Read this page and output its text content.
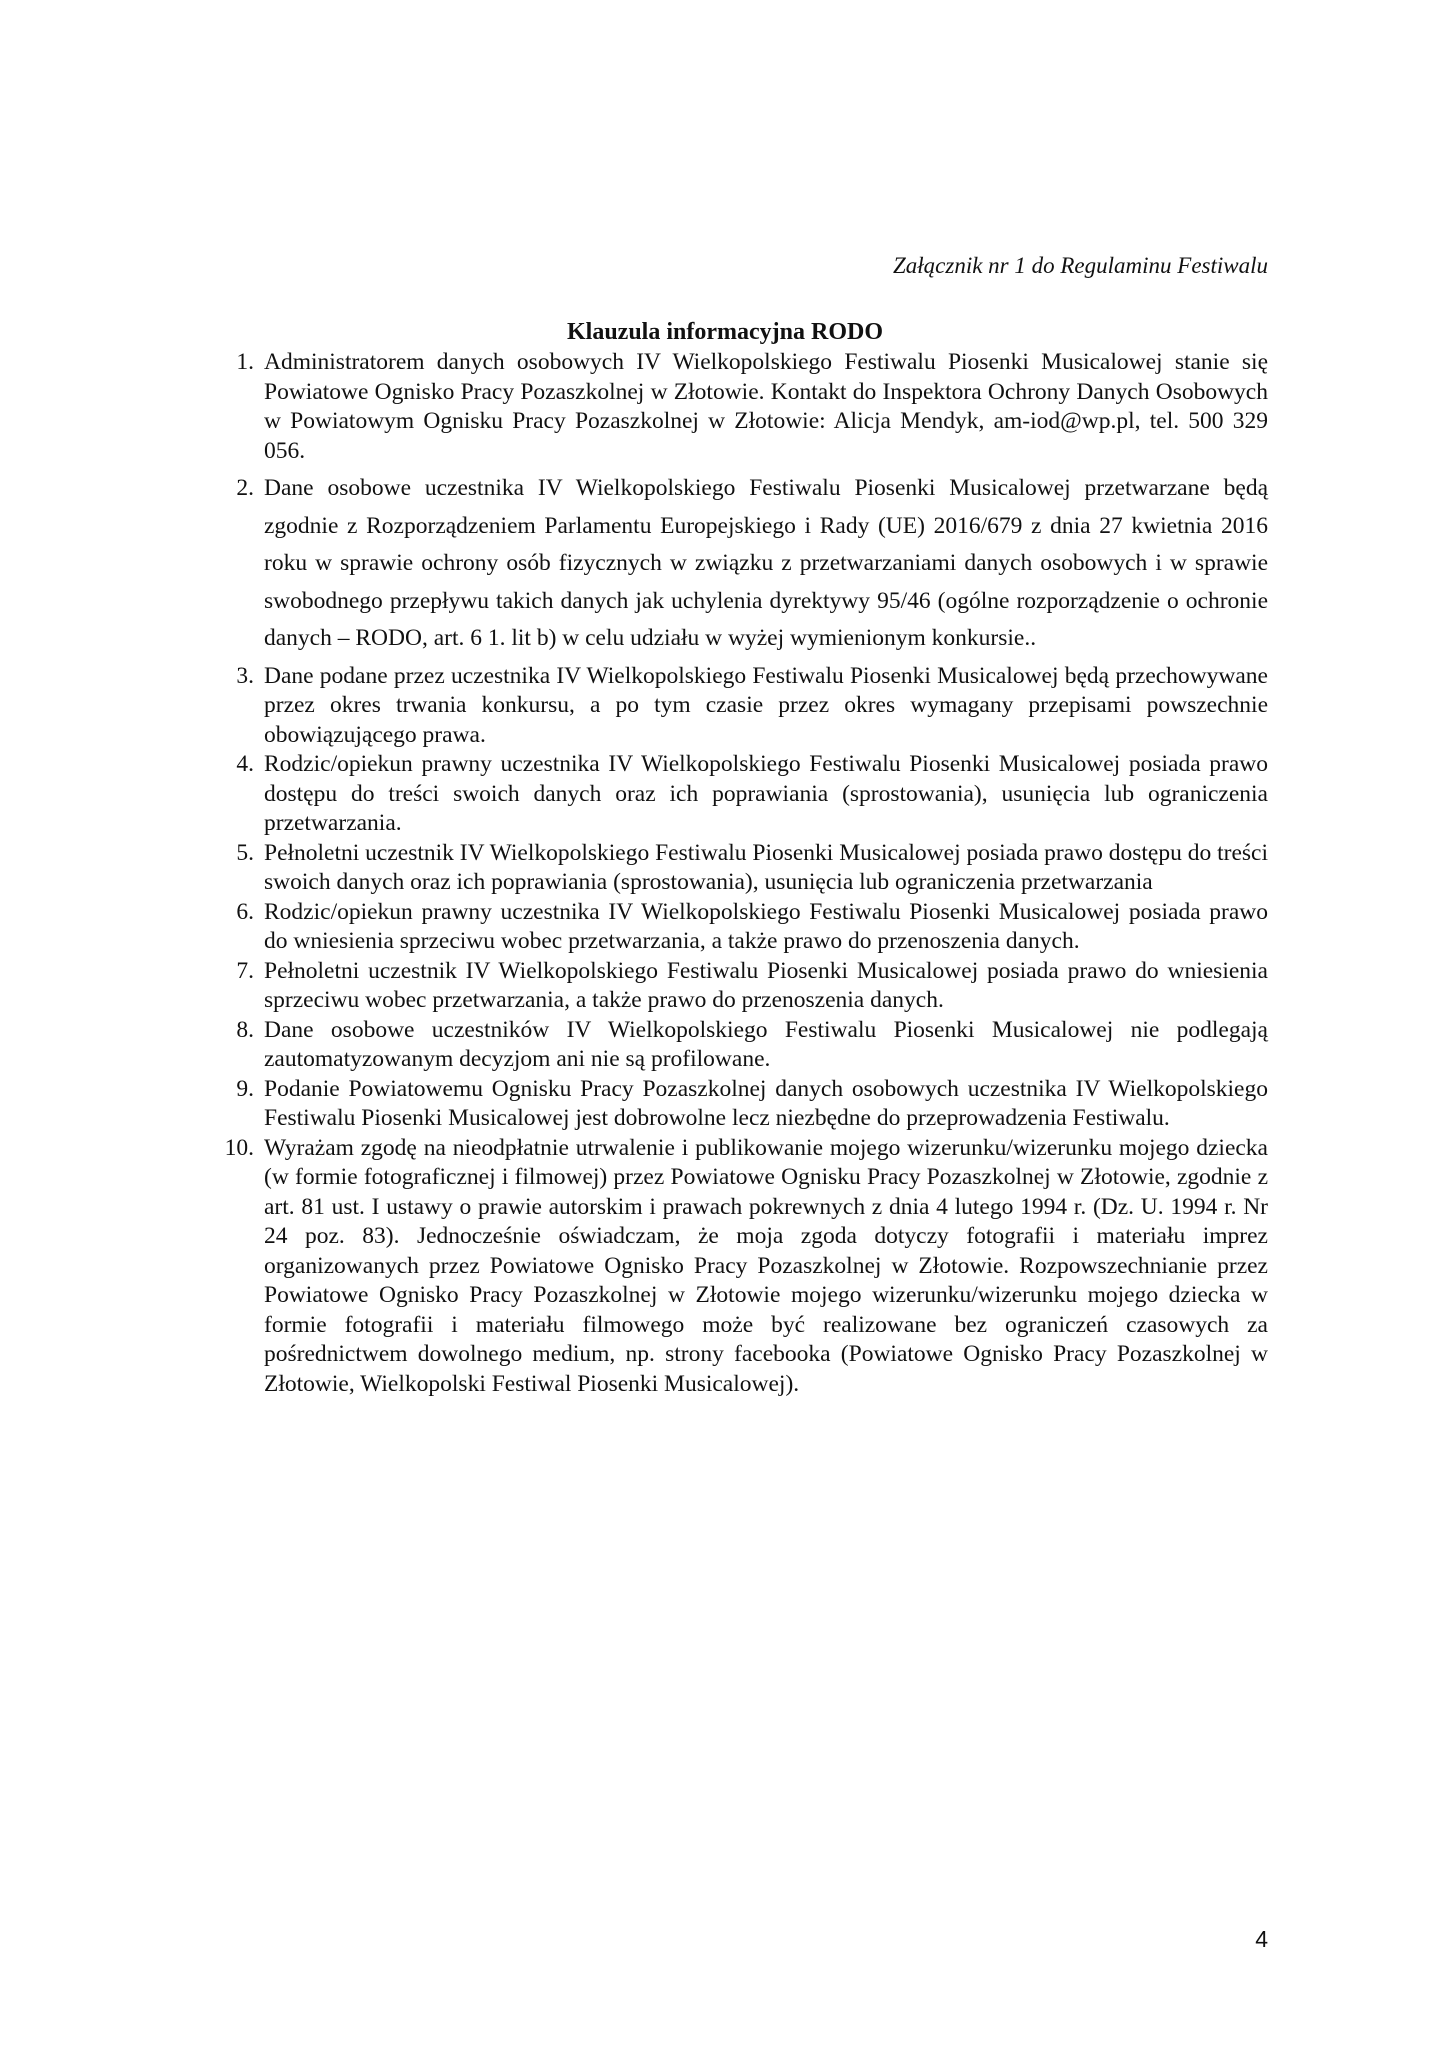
Załącznik nr 1 do Regulaminu Festiwalu

Klauzula informacyjna RODO

1. Administratorem danych osobowych IV Wielkopolskiego Festiwalu Piosenki Musicalowej stanie się Powiatowe Ognisko Pracy Pozaszkolnej w Złotowie. Kontakt do Inspektora Ochrony Danych Osobowych w Powiatowym Ognisku Pracy Pozaszkolnej w Złotowie: Alicja Mendyk, am-iod@wp.pl, tel. 500 329 056.
2. Dane osobowe uczestnika IV Wielkopolskiego Festiwalu Piosenki Musicalowej przetwarzane będą zgodnie z Rozporządzeniem Parlamentu Europejskiego i Rady (UE) 2016/679 z dnia 27 kwietnia 2016 roku w sprawie ochrony osób fizycznych w związku z przetwarzaniami danych osobowych i w sprawie swobodnego przepływu takich danych jak uchylenia dyrektywy 95/46 (ogólne rozporządzenie o ochronie danych – RODO, art. 6 1. lit b) w celu udziału w wyżej wymienionym konkursie..
3. Dane podane przez uczestnika IV Wielkopolskiego Festiwalu Piosenki Musicalowej będą przechowywane przez okres trwania konkursu, a po tym czasie przez okres wymagany przepisami powszechnie obowiązującego prawa.
4. Rodzic/opiekun prawny uczestnika IV Wielkopolskiego Festiwalu Piosenki Musicalowej posiada prawo dostępu do treści swoich danych oraz ich poprawiania (sprostowania), usunięcia lub ograniczenia przetwarzania.
5. Pełnoletni uczestnik IV Wielkopolskiego Festiwalu Piosenki Musicalowej posiada prawo dostępu do treści swoich danych oraz ich poprawiania (sprostowania), usunięcia lub ograniczenia przetwarzania
6. Rodzic/opiekun prawny uczestnika IV Wielkopolskiego Festiwalu Piosenki Musicalowej posiada prawo do wniesienia sprzeciwu wobec przetwarzania, a także prawo do przenoszenia danych.
7. Pełnoletni uczestnik IV Wielkopolskiego Festiwalu Piosenki Musicalowej posiada prawo do wniesienia sprzeciwu wobec przetwarzania, a także prawo do przenoszenia danych.
8. Dane osobowe uczestników IV Wielkopolskiego Festiwalu Piosenki Musicalowej nie podlegają zautomatyzowanym decyzjom ani nie są profilowane.
9. Podanie Powiatowemu Ognisku Pracy Pozaszkolnej danych osobowych uczestnika IV Wielkopolskiego Festiwalu Piosenki Musicalowej jest dobrowolne lecz niezbędne do przeprowadzenia Festiwalu.
10. Wyrażam zgodę na nieodpłatnie utrwalenie i publikowanie mojego wizerunku/wizerunku mojego dziecka (w formie fotograficznej i filmowej) przez Powiatowe Ognisku Pracy Pozaszkolnej w Złotowie, zgodnie z art. 81 ust. I ustawy o prawie autorskim i prawach pokrewnych z dnia 4 lutego 1994 r. (Dz. U. 1994 r. Nr 24 poz. 83). Jednocześnie oświadczam, że moja zgoda dotyczy fotografii i materiału imprez organizowanych przez Powiatowe Ognisko Pracy Pozaszkolnej w Złotowie. Rozpowszechnianie przez Powiatowe Ognisko Pracy Pozaszkolnej w Złotowie mojego wizerunku/wizerunku mojego dziecka w formie fotografii i materiału filmowego może być realizowane bez ograniczeń czasowych za pośrednictwem dowolnego medium, np. strony facebooka (Powiatowe Ognisko Pracy Pozaszkolnej w Złotowie, Wielkopolski Festiwal Piosenki Musicalowej).

4
